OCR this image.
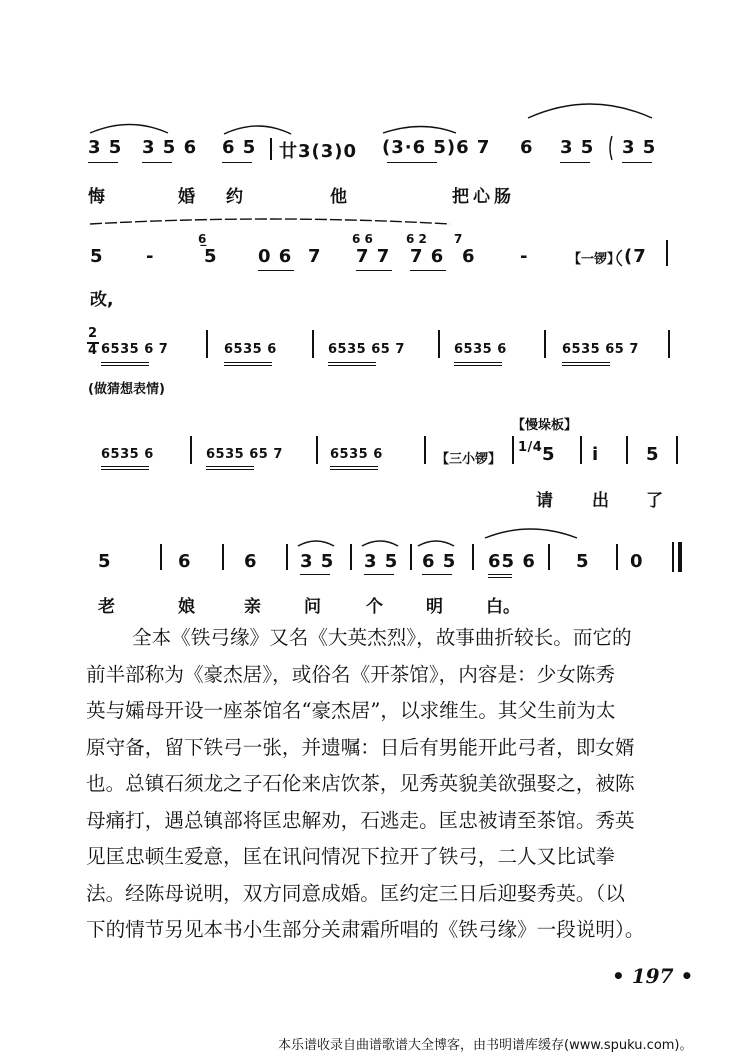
3 5 3 5 6 6 5 廿3(3)0 (3·6 5)6 7 6 3 5 3 5
悔	婚 约	他	把心肠
6̲	6 6	6 2 7
5 -	5 0 6 7 7 7 7 6 6 -	【一锣】 (7
改,
2
4 6535 6 7	6535 6	6535 65 7	6535 6	6535 65 7
(做猜想表情)
【慢垛板】
6535 6	6535 65 7	6535 6	【三小锣】
1/4 5 i	5
请 出 了
5	6	6 3 5 3 5 6 5 65 6 5 0
老	娘	亲	问	个	明	白。
全本《铁弓缘》又名《大英杰烈》，故事曲折较长。而它的
前半部称为《豪杰居》，或俗名《开茶馆》，内容是：少女陈秀
英与孀母开设一座茶馆名“豪杰居”，以求维生。其父生前为太
原守备，留下铁弓一张，并遗嘱：日后有男能开此弓者，即女婿
也。总镇石须龙之子石伦来店饮茶，见秀英貌美欲强娶之，被陈
母痛打，遇总镇部将匡忠解劝，石逃走。匡忠被请至茶馆。秀英
见匡忠顿生爱意，匡在讯问情况下拉开了铁弓，二人又比试拳
法。经陈母说明，双方同意成婚。匡约定三日后迎娶秀英。（以
下的情节另见本书小生部分关肃霜所唱的《铁弓缘》一段说明）。
• 197 •
本乐谱收录自曲谱歌谱大全博客，由书明谱库缓存(www.spuku.com)。
